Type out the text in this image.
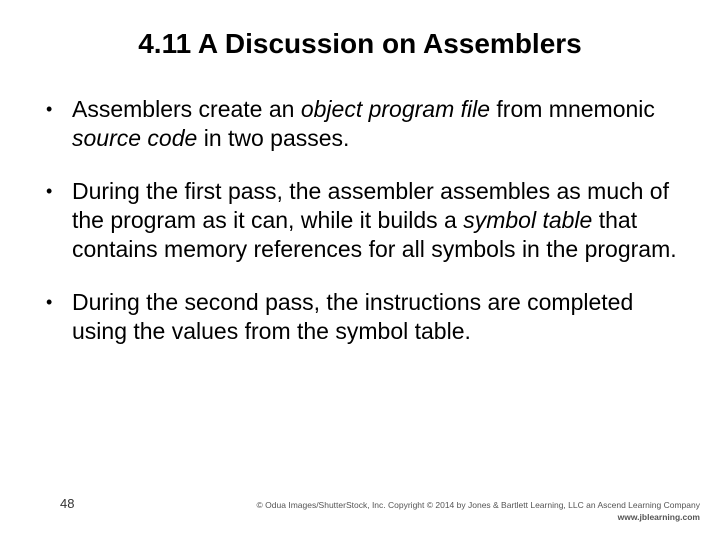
4.11 A Discussion on Assemblers
• Assemblers create an object program file from mnemonic source code in two passes.
• During the first pass, the assembler assembles as much of the program as it can, while it builds a symbol table that contains memory references for all symbols in the program.
• During the second pass, the instructions are completed using the values from the symbol table.
48	© Odua Images/ShutterStock, Inc. Copyright © 2014 by Jones & Bartlett Learning, LLC an Ascend Learning Company
www.jblearning.com
